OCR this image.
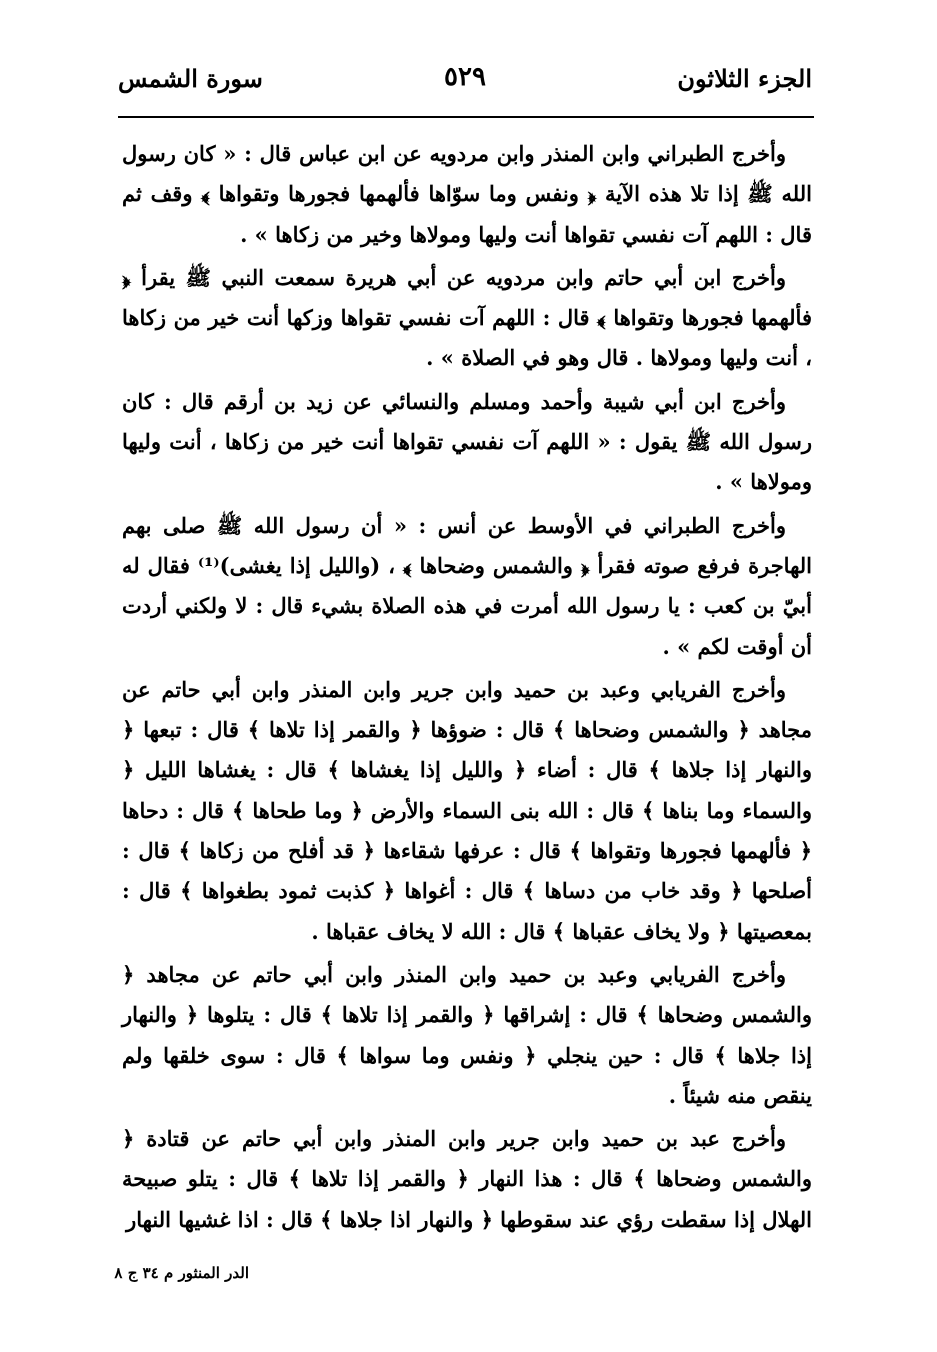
الجزء الثلاثون
٥٢٩
سورة الشمس

وأخرج الطبراني وابن المنذر وابن مردويه عن ابن عباس قال : « كان رسول الله ﷺ إذا تلا هذه الآية ﴿ ونفس وما سوّاها فألهمها فجورها وتقواها ﴾ وقف ثم قال : اللهم آت نفسي تقواها أنت وليها ومولاها وخير من زكاها » .

وأخرج ابن أبي حاتم وابن مردويه عن أبي هريرة سمعت النبي ﷺ يقرأ ﴿ فألهمها فجورها وتقواها ﴾ قال : اللهم آت نفسي تقواها وزكها أنت خير من زكاها ، أنت وليها ومولاها . قال وهو في الصلاة » .

وأخرج ابن أبي شيبة وأحمد ومسلم والنسائي عن زيد بن أرقم قال : كان رسول الله ﷺ يقول : « اللهم آت نفسي تقواها أنت خير من زكاها ، أنت وليها ومولاها » .

وأخرج الطبراني في الأوسط عن أنس : « أن رسول الله ﷺ صلى بهم الهاجرة فرفع صوته فقرأ ﴿ والشمس وضحاها ﴾ ، (والليل إذا يغشى)⁽¹⁾ فقال له أبيّ بن كعب : يا رسول الله أمرت في هذه الصلاة بشيء قال : لا ولكني أردت أن أوقت لكم » .

وأخرج الفريابي وعبد بن حميد وابن جرير وابن المنذر وابن أبي حاتم عن مجاهد ﴿ والشمس وضحاها ﴾ قال : ضوؤها ﴿ والقمر إذا تلاها ﴾ قال : تبعها ﴿ والنهار إذا جلاها ﴾ قال : أضاء ﴿ والليل إذا يغشاها ﴾ قال : يغشاها الليل ﴿ والسماء وما بناها ﴾ قال : الله بنى السماء والأرض ﴿ وما طحاها ﴾ قال : دحاها ﴿ فألهمها فجورها وتقواها ﴾ قال : عرفها شقاءها ﴿ قد أفلح من زكاها ﴾ قال : أصلحها ﴿ وقد خاب من دساها ﴾ قال : أغواها ﴿ كذبت ثمود بطغواها ﴾ قال : بمعصيتها ﴿ ولا يخاف عقباها ﴾ قال : الله لا يخاف عقباها .

وأخرج الفريابي وعبد بن حميد وابن المنذر وابن أبي حاتم عن مجاهد ﴿ والشمس وضحاها ﴾ قال : إشراقها ﴿ والقمر إذا تلاها ﴾ قال : يتلوها ﴿ والنهار إذا جلاها ﴾ قال : حين ينجلي ﴿ ونفس وما سواها ﴾ قال : سوى خلقها ولم ينقص منه شيئاً .

وأخرج عبد بن حميد وابن جرير وابن المنذر وابن أبي حاتم عن قتادة ﴿ والشمس وضحاها ﴾ قال : هذا النهار ﴿ والقمر إذا تلاها ﴾ قال : يتلو صبيحة الهلال إذا سقطت رؤي عند سقوطها ﴿ والنهار اذا جلاها ﴾ قال : اذا غشيها النهار

الدر المنثور م ٣٤ ج ٨
